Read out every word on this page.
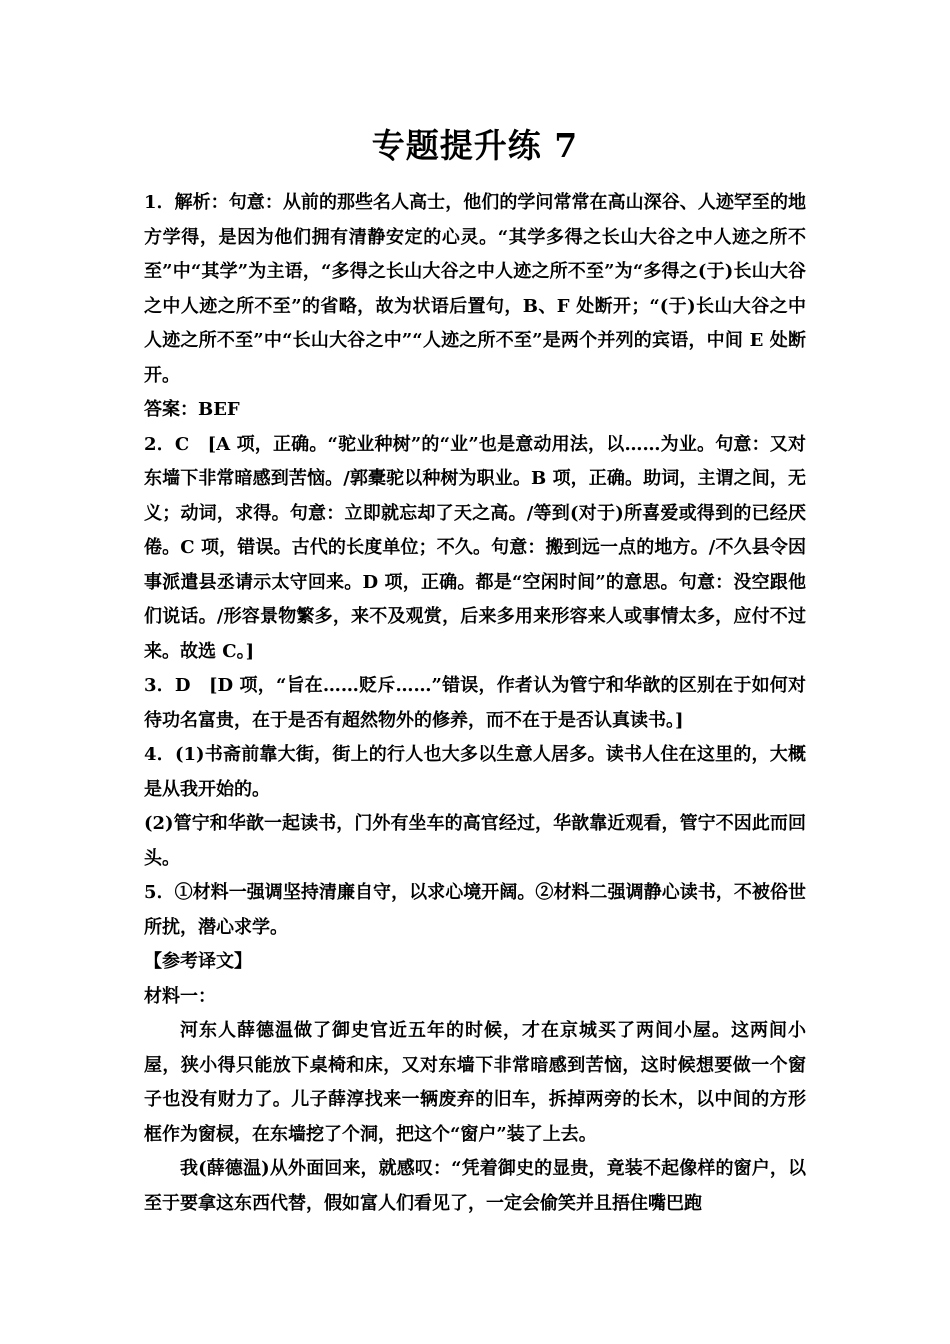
专题提升练 7

1．解析：句意：从前的那些名人高士，他们的学问常常在高山深谷、人迹罕至的地方学得，是因为他们拥有清静安定的心灵。“其学多得之长山大谷之中人迹之所不至”中“其学”为主语，“多得之长山大谷之中人迹之所不至”为“多得之(于)长山大谷之中人迹之所不至”的省略，故为状语后置句，B、F 处断开；“(于)长山大谷之中人迹之所不至”中“长山大谷之中”“人迹之所不至”是两个并列的宾语，中间 E 处断开。

答案：BEF

2．C　[A 项，正确。“驼业种树”的“业”也是意动用法，以……为业。句意：又对东墙下非常暗感到苦恼。/郭橐驼以种树为职业。B 项，正确。助词，主谓之间，无义；动词，求得。句意：立即就忘却了天之高。/等到(对于)所喜爱或得到的已经厌倦。C 项，错误。古代的长度单位；不久。句意：搬到远一点的地方。/不久县令因事派遣县丞请示太守回来。D 项，正确。都是“空闲时间”的意思。句意：没空跟他们说话。/形容景物繁多，来不及观赏，后来多用来形容来人或事情太多，应付不过来。故选 C。]

3．D　[D 项，“旨在……贬斥……”错误，作者认为管宁和华歆的区别在于如何对待功名富贵，在于是否有超然物外的修养，而不在于是否认真读书。]

4．(1)书斋前靠大街，街上的行人也大多以生意人居多。读书人住在这里的，大概是从我开始的。

(2)管宁和华歆一起读书，门外有坐车的高官经过，华歆靠近观看，管宁不因此而回头。

5．①材料一强调坚持清廉自守，以求心境开阔。②材料二强调静心读书，不被俗世所扰，潜心求学。

【参考译文】

材料一：

河东人薛德温做了御史官近五年的时候，才在京城买了两间小屋。这两间小屋，狭小得只能放下桌椅和床，又对东墙下非常暗感到苦恼，这时候想要做一个窗子也没有财力了。儿子薛淳找来一辆废弃的旧车，拆掉两旁的长木，以中间的方形框作为窗棂，在东墙挖了个洞，把这个“窗户”装了上去。

我(薛德温)从外面回来，就感叹：“凭着御史的显贵，竟装不起像样的窗户，以至于要拿这东西代替，假如富人们看见了，一定会偷笑并且捂住嘴巴跑
